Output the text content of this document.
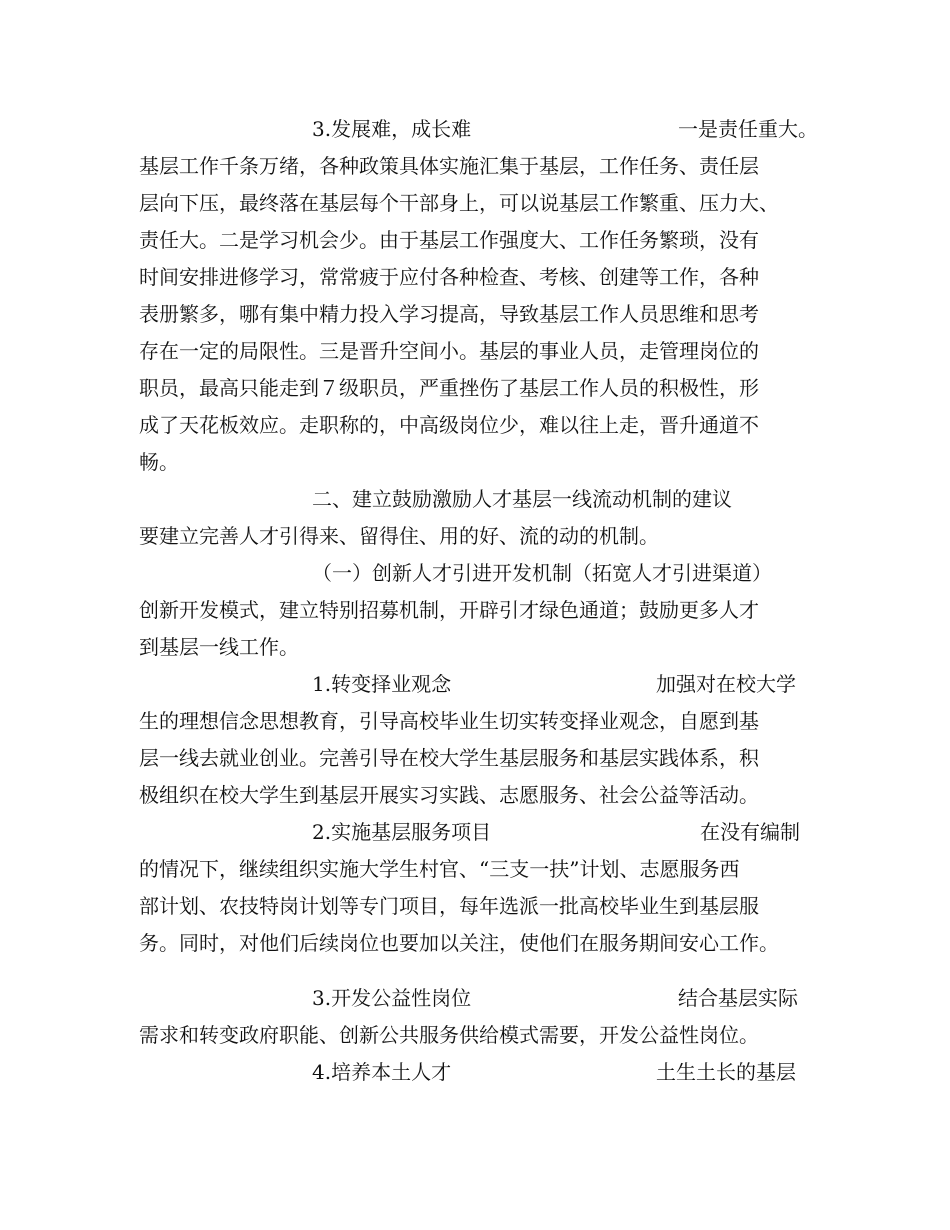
3.发展难，成长难	一是责任重大。
基层工作千条万绪，各种政策具体实施汇集于基层，工作任务、责任层
层向下压，最终落在基层每个干部身上，可以说基层工作繁重、压力大、
责任大。二是学习机会少。由于基层工作强度大、工作任务繁琐，没有
时间安排进修学习，常常疲于应付各种检查、考核、创建等工作，各种
表册繁多，哪有集中精力投入学习提高，导致基层工作人员思维和思考
存在一定的局限性。三是晋升空间小。基层的事业人员，走管理岗位的
职员，最高只能走到７级职员，严重挫伤了基层工作人员的积极性，形
成了天花板效应。走职称的，中高级岗位少，难以往上走，晋升通道不
畅。
二、建立鼓励激励人才基层一线流动机制的建议
要建立完善人才引得来、留得住、用的好、流的动的机制。
（一）创新人才引进开发机制（拓宽人才引进渠道）
创新开发模式，建立特别招募机制，开辟引才绿色通道；鼓励更多人才
到基层一线工作。
1.转变择业观念	加强对在校大学
生的理想信念思想教育，引导高校毕业生切实转变择业观念，自愿到基
层一线去就业创业。完善引导在校大学生基层服务和基层实践体系，积
极组织在校大学生到基层开展实习实践、志愿服务、社会公益等活动。
2.实施基层服务项目	在没有编制
的情况下，继续组织实施大学生村官、“三支一扶”计划、志愿服务西
部计划、农技特岗计划等专门项目，每年选派一批高校毕业生到基层服
务。同时，对他们后续岗位也要加以关注，使他们在服务期间安心工作。
3.开发公益性岗位	结合基层实际
需求和转变政府职能、创新公共服务供给模式需要，开发公益性岗位。
4.培养本土人才	土生土长的基层
